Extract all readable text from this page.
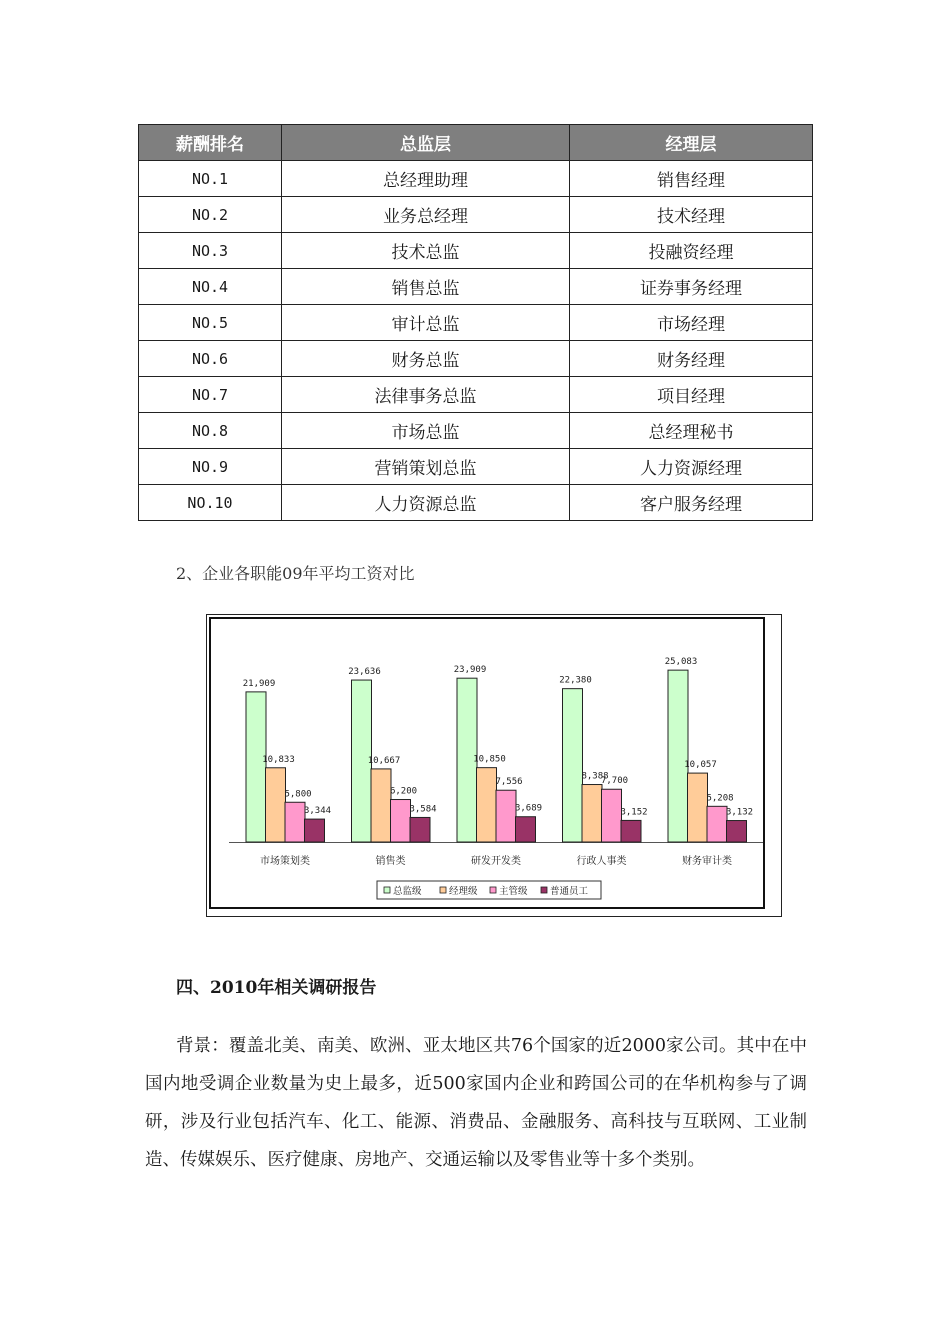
薪酬排名	总监层	经理层
NO.1	总经理助理	销售经理
NO.2	业务总经理	技术经理
NO.3	技术总监	投融资经理
NO.4	销售总监	证券事务经理
NO.5	审计总监	市场经理
NO.6	财务总监	财务经理
NO.7	法律事务总监	项目经理
NO.8	市场总监	总经理秘书
NO.9	营销策划总监	人力资源经理
NO.10	人力资源总监	客户服务经理
2、企业各职能09年平均工资对比
21,909
23,636	23,909
22,380
25,083
10,833	10,667	10,850
8,388
10,057
5,800	6,200
7,556	7,700
5,208
3,344	3,584	3,689	3,152	3,132
市场策划类	销售类	研发开发类	行政人事类	财务审计类
总监级	经理级 主管级 普通员工
四、2010年相关调研报告
背景：覆盖北美、南美、欧洲、亚太地区共76个国家的近2000家公司。其中在中国内地受调企业数量为史上最多，近500家国内企业和跨国公司的在华机构参与了调研，涉及行业包括汽车、化工、能源、消费品、金融服务、高科技与互联网、工业制造、传媒娱乐、医疗健康、房地产、交通运输以及零售业等十多个类别。
